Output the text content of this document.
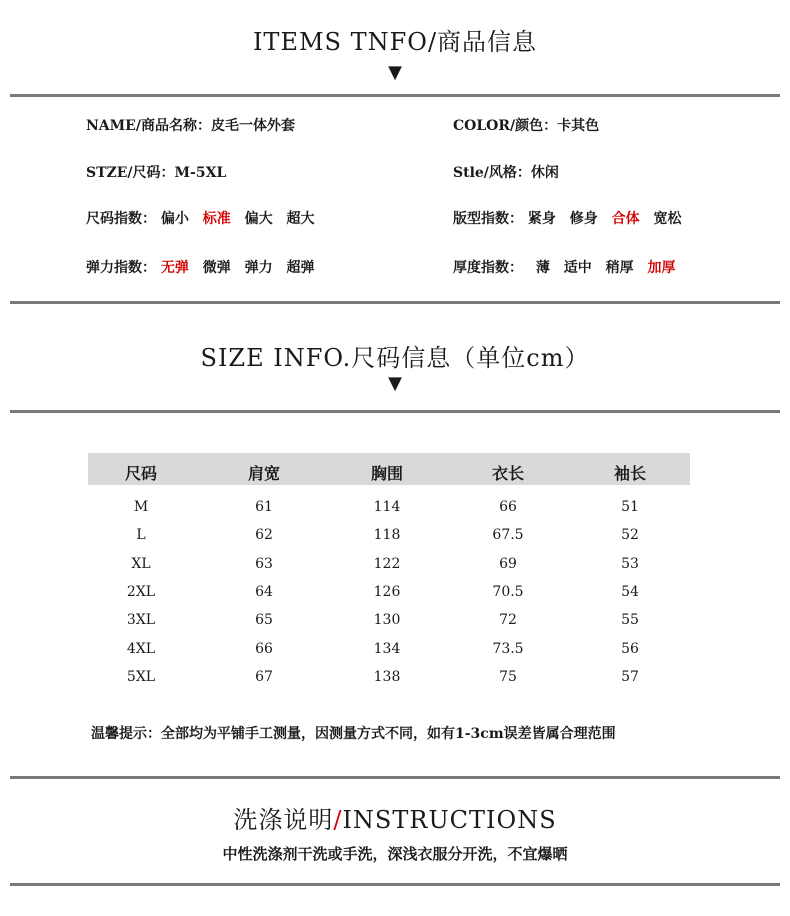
ITEMS TNFO/商品信息
▼
NAME/商品名称：皮毛一体外套	COLOR/颜色：卡其色
STZE/尺码：M-5XL	Stle/风格：休闲
尺码指数： 偏小 标准 偏大 超大	版型指数： 紧身 修身 合体 宽松
弹力指数： 无弹 微弹 弹力 超弹	厚度指数： 薄 适中 稍厚 加厚
SIZE INFO.尺码信息（单位cm）
▼
尺码	肩宽	胸围	衣长	袖长
M	61	114	66	51
L	62	118	67.5	52
XL	63	122	69	53
2XL	64	126	70.5	54
3XL	65	130	72	55
4XL	66	134	73.5	56
5XL	67	138	75	57
温馨提示：全部均为平铺手工测量，因测量方式不同，如有1-3cm误差皆属合理范围
洗涤说明/INSTRUCTIONS
中性洗涤剂干洗或手洗，深浅衣服分开洗，不宜爆晒
